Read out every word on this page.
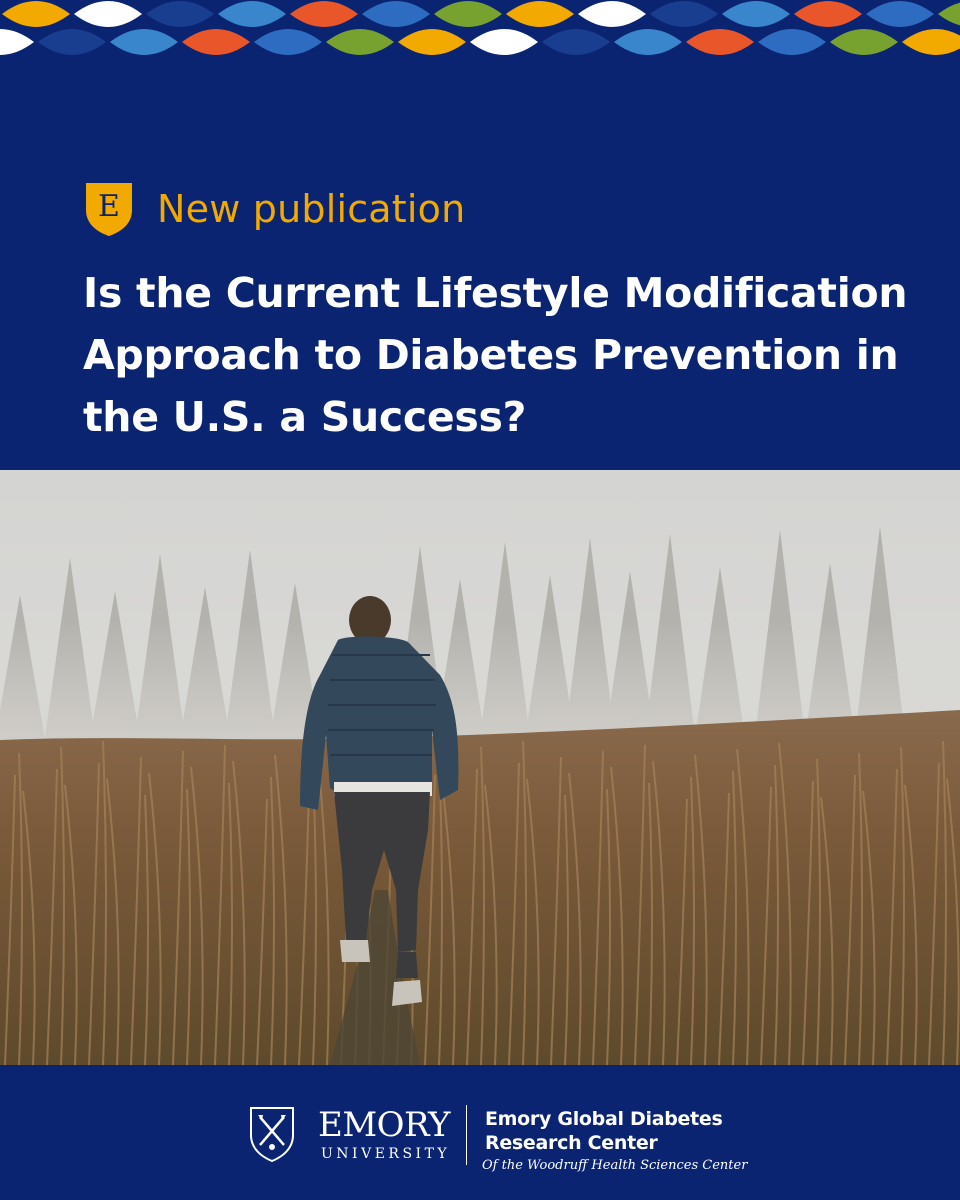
E New publication
Is the Current Lifestyle Modification Approach to Diabetes Prevention in the U.S. a Success?
EMORY
UNIVERSITY
Emory Global Diabetes
Research Center
Of the Woodruff Health Sciences Center
